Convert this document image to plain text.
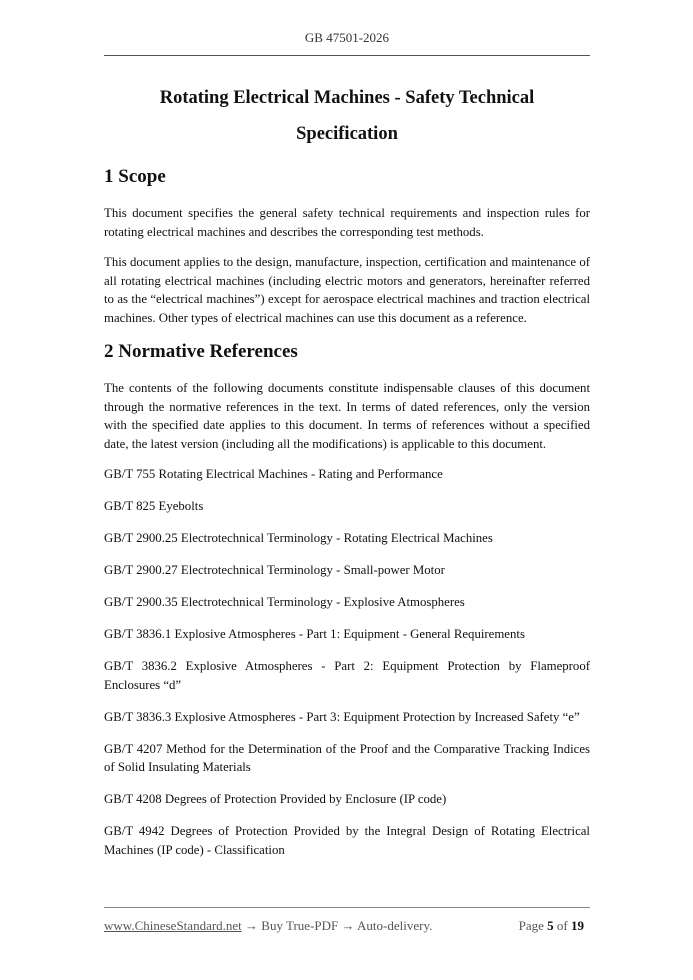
GB 47501-2026
Rotating Electrical Machines - Safety Technical
Specification
1 Scope
This document specifies the general safety technical requirements and inspection rules for rotating electrical machines and describes the corresponding test methods.
This document applies to the design, manufacture, inspection, certification and maintenance of all rotating electrical machines (including electric motors and generators, hereinafter referred to as the “electrical machines”) except for aerospace electrical machines and traction electrical machines. Other types of electrical machines can use this document as a reference.
2 Normative References
The contents of the following documents constitute indispensable clauses of this document through the normative references in the text. In terms of dated references, only the version with the specified date applies to this document. In terms of references without a specified date, the latest version (including all the modifications) is applicable to this document.
GB/T 755 Rotating Electrical Machines - Rating and Performance
GB/T 825 Eyebolts
GB/T 2900.25 Electrotechnical Terminology - Rotating Electrical Machines
GB/T 2900.27 Electrotechnical Terminology - Small-power Motor
GB/T 2900.35 Electrotechnical Terminology - Explosive Atmospheres
GB/T 3836.1 Explosive Atmospheres - Part 1: Equipment - General Requirements
GB/T 3836.2 Explosive Atmospheres - Part 2: Equipment Protection by Flameproof Enclosures “d”
GB/T 3836.3 Explosive Atmospheres - Part 3: Equipment Protection by Increased Safety “e”
GB/T 4207 Method for the Determination of the Proof and the Comparative Tracking Indices of Solid Insulating Materials
GB/T 4208 Degrees of Protection Provided by Enclosure (IP code)
GB/T 4942 Degrees of Protection Provided by the Integral Design of Rotating Electrical Machines (IP code) - Classification
www.ChineseStandard.net → Buy True-PDF → Auto-delivery.	Page 5 of 19
